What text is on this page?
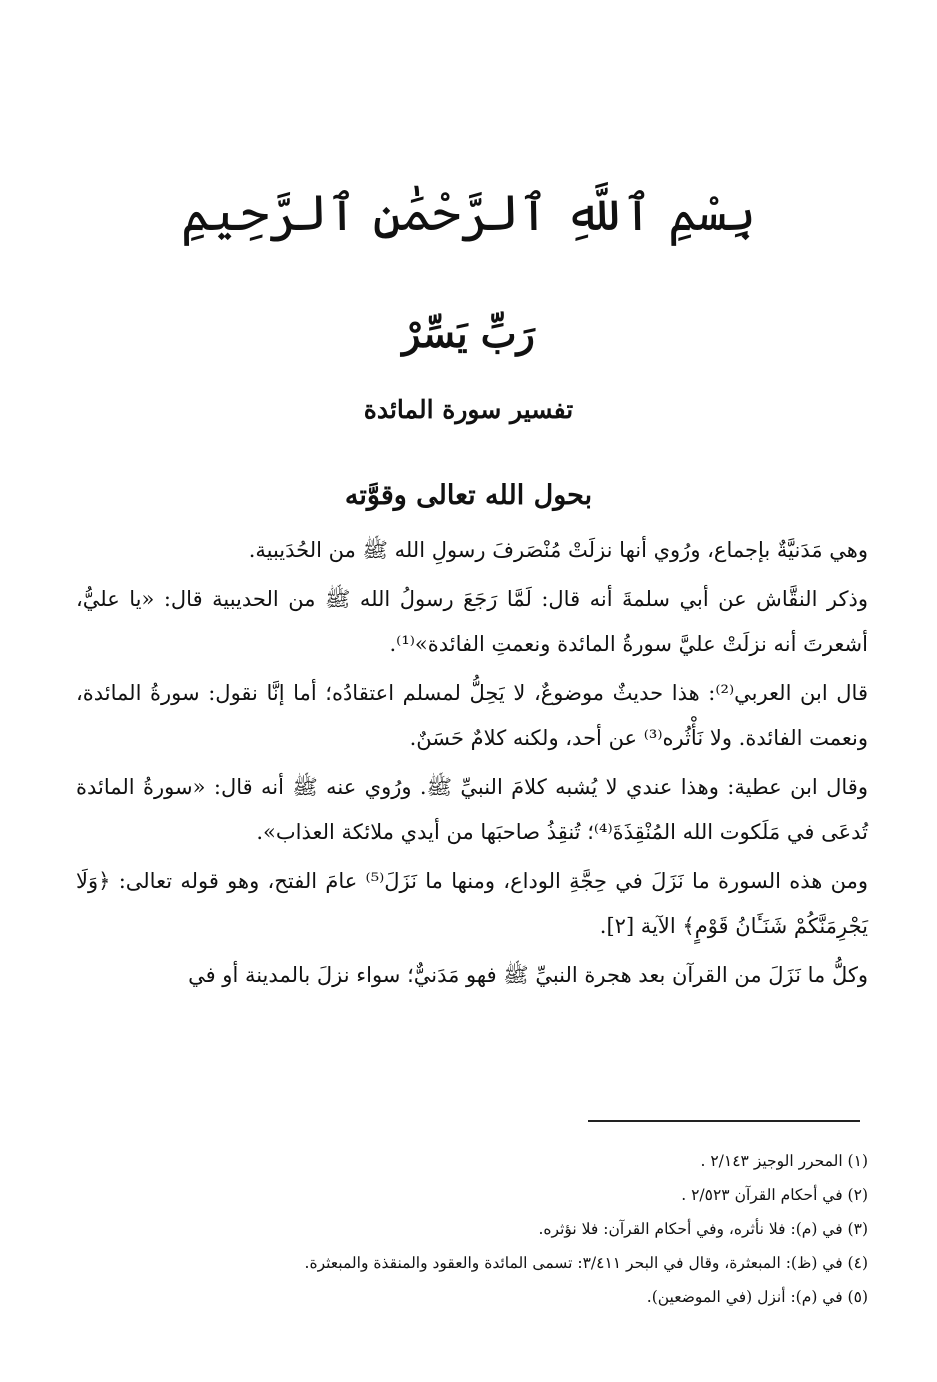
بِسْمِ ٱللَّهِ ٱلرَّحْمَٰنِ ٱلرَّحِيمِ
رَبِّ يَسِّرْ
تفسير سورة المائدة
بحول الله تعالى وقوَّته

وهي مَدَنيَّةٌ بإجماع، ورُوي أنها نزلَتْ مُنْصَرفَ رسولِ الله ﷺ من الحُدَيبية.

وذكر النقَّاش عن أبي سلمةَ أنه قال: لَمَّا رَجَعَ رسولُ الله ﷺ من الحديبية قال: «يا عليُّ، أشعرتَ أنه نزلَتْ عليَّ سورةُ المائدة ونعمتِ الفائدة»⁽¹⁾.

قال ابن العربي⁽²⁾: هذا حديثٌ موضوعٌ، لا يَحِلُّ لمسلم اعتقادُه؛ أما إنَّا نقول: سورةُ المائدة، ونعمت الفائدة. ولا نَأْثُره⁽³⁾ عن أحد، ولكنه كلامٌ حَسَنٌ.

وقال ابن عطية: وهذا عندي لا يُشبه كلامَ النبيِّ ﷺ. ورُوي عنه ﷺ أنه قال: «سورةُ المائدة تُدعَى في مَلَكوت الله المُنْقِذَةَ⁽⁴⁾؛ تُنقِذُ صاحبَها من أيدي ملائكة العذاب».

ومن هذه السورة ما نَزَلَ في حِجَّةِ الوداع، ومنها ما نَزَلَ⁽⁵⁾ عامَ الفتح، وهو قوله تعالى: ﴿وَلَا يَجْرِمَنَّكُمْ شَنَـَٔانُ قَوْمٍ﴾ الآية [٢].

وكلُّ ما نَزَلَ من القرآن بعد هجرة النبيِّ ﷺ فهو مَدَنيٌّ؛ سواء نزلَ بالمدينة أو في

(١) المحرر الوجيز ٢/١٤٣ .
(٢) في أحكام القرآن ٢/٥٢٣ .
(٣) في (م): فلا نأثره، وفي أحكام القرآن: فلا نؤثره.
(٤) في (ظ): المبعثرة، وقال في البحر ٣/٤١١: تسمى المائدة والعقود والمنقذة والمبعثرة.
(٥) في (م): أنزل (في الموضعين).
